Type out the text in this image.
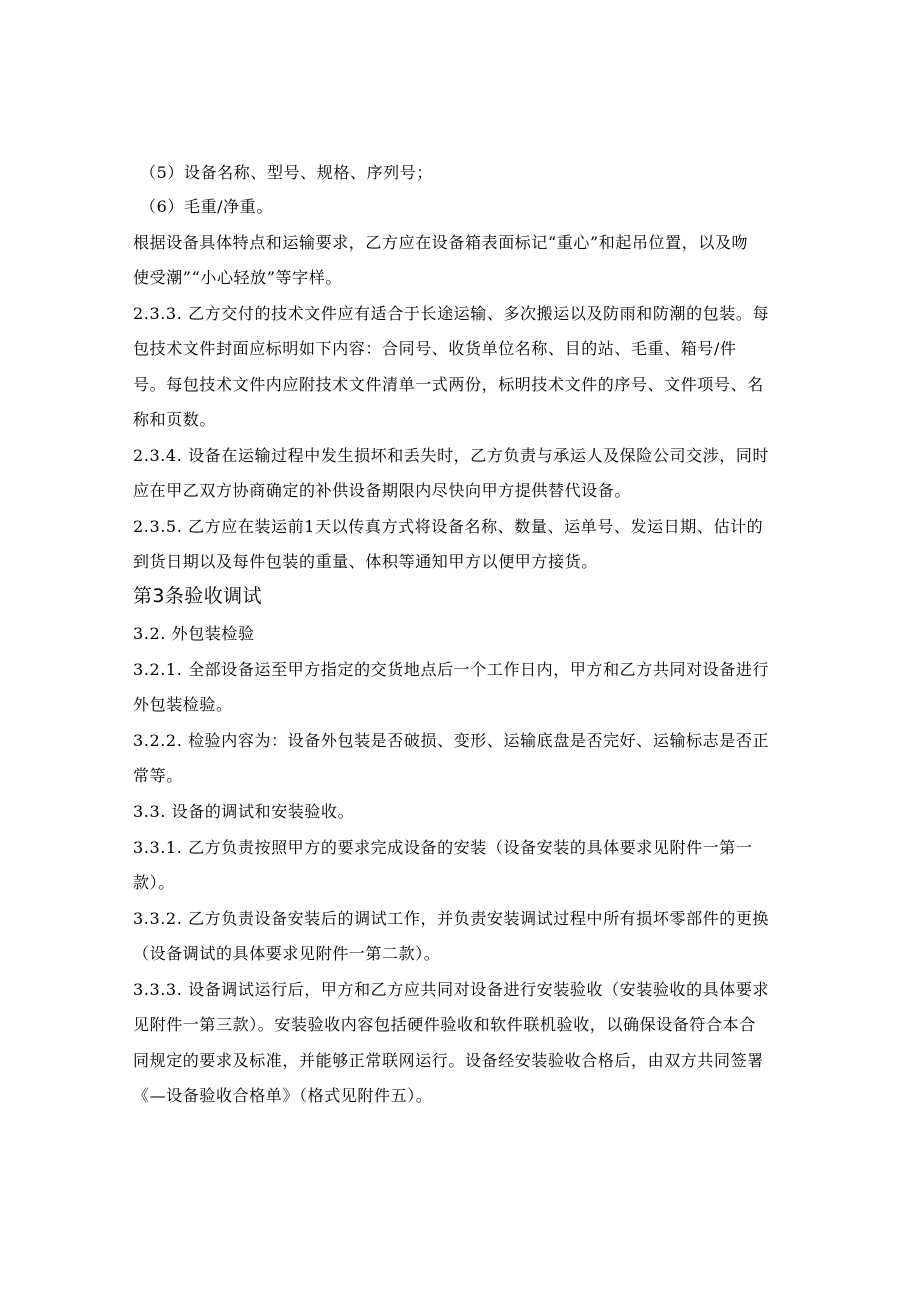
（5）设备名称、型号、规格、序列号；
（6）毛重/净重。
根据设备具体特点和运输要求，乙方应在设备箱表面标记“重心”和起吊位置，以及吻
使受潮”“小心轻放”等字样。
2.3.3. 乙方交付的技术文件应有适合于长途运输、多次搬运以及防雨和防潮的包装。每
包技术文件封面应标明如下内容：合同号、收货单位名称、目的站、毛重、箱号/件
号。每包技术文件内应附技术文件清单一式两份，标明技术文件的序号、文件项号、名
称和页数。
2.3.4. 设备在运输过程中发生损坏和丢失时，乙方负责与承运人及保险公司交涉，同时
应在甲乙双方协商确定的补供设备期限内尽快向甲方提供替代设备。
2.3.5. 乙方应在装运前1天以传真方式将设备名称、数量、运单号、发运日期、估计的
到货日期以及每件包装的重量、体积等通知甲方以便甲方接货。
第3条验收调试
3.2. 外包装检验
3.2.1. 全部设备运至甲方指定的交货地点后一个工作日内，甲方和乙方共同对设备进行
外包装检验。
3.2.2. 检验内容为：设备外包装是否破损、变形、运输底盘是否完好、运输标志是否正
常等。
3.3. 设备的调试和安装验收。
3.3.1. 乙方负责按照甲方的要求完成设备的安装（设备安装的具体要求见附件一第一
款）。
3.3.2. 乙方负责设备安装后的调试工作，并负责安装调试过程中所有损坏零部件的更换
（设备调试的具体要求见附件一第二款）。
3.3.3. 设备调试运行后，甲方和乙方应共同对设备进行安装验收（安装验收的具体要求
见附件一第三款）。安装验收内容包括硬件验收和软件联机验收，以确保设备符合本合
同规定的要求及标准，并能够正常联网运行。设备经安装验收合格后，由双方共同签署
《—设备验收合格单》（格式见附件五）。
